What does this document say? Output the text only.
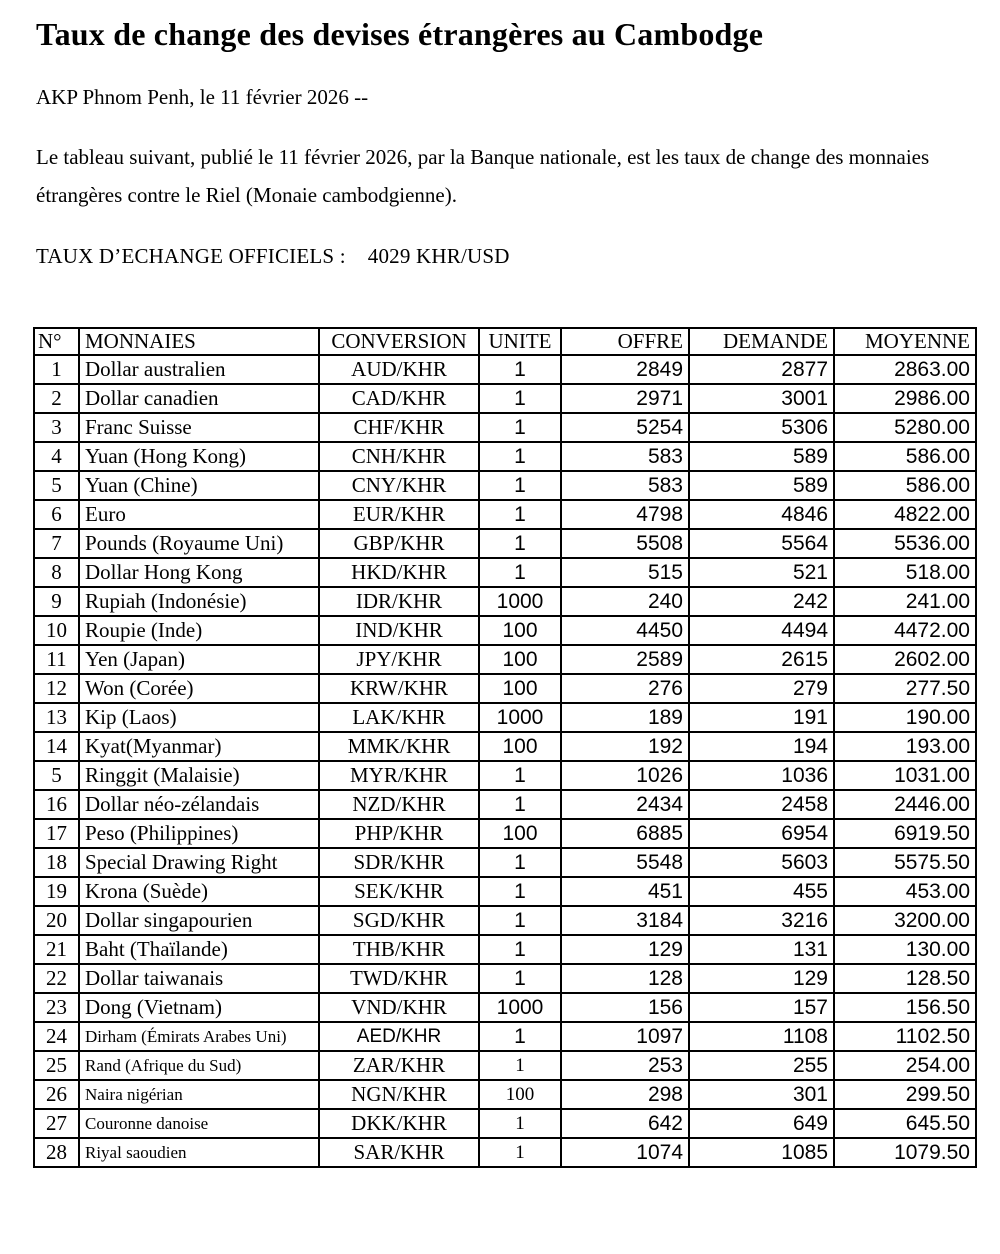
Taux de change des devises étrangères au Cambodge

AKP Phnom Penh, le 11 février 2026 --

Le tableau suivant, publié le 11 février 2026, par la Banque nationale, est les taux de change des monnaies étrangères contre le Riel (Monaie cambodgienne).

TAUX D’ECHANGE OFFICIELS : 4029 KHR/USD

N°	MONNAIES	CONVERSION	UNITE	OFFRE	DEMANDE	MOYENNE
1	Dollar australien	AUD/KHR	1	2849	2877	2863.00
2	Dollar canadien	CAD/KHR	1	2971	3001	2986.00
3	Franc Suisse	CHF/KHR	1	5254	5306	5280.00
4	Yuan (Hong Kong)	CNH/KHR	1	583	589	586.00
5	Yuan (Chine)	CNY/KHR	1	583	589	586.00
6	Euro	EUR/KHR	1	4798	4846	4822.00
7	Pounds (Royaume Uni)	GBP/KHR	1	5508	5564	5536.00
8	Dollar Hong Kong	HKD/KHR	1	515	521	518.00
9	Rupiah (Indonésie)	IDR/KHR	1000	240	242	241.00
10	Roupie (Inde)	IND/KHR	100	4450	4494	4472.00
11	Yen (Japan)	JPY/KHR	100	2589	2615	2602.00
12	Won (Corée)	KRW/KHR	100	276	279	277.50
13	Kip (Laos)	LAK/KHR	1000	189	191	190.00
14	Kyat(Myanmar)	MMK/KHR	100	192	194	193.00
5	Ringgit (Malaisie)	MYR/KHR	1	1026	1036	1031.00
16	Dollar néo-zélandais	NZD/KHR	1	2434	2458	2446.00
17	Peso (Philippines)	PHP/KHR	100	6885	6954	6919.50
18	Special Drawing Right	SDR/KHR	1	5548	5603	5575.50
19	Krona (Suède)	SEK/KHR	1	451	455	453.00
20	Dollar singapourien	SGD/KHR	1	3184	3216	3200.00
21	Baht (Thaïlande)	THB/KHR	1	129	131	130.00
22	Dollar taiwanais	TWD/KHR	1	128	129	128.50
23	Dong (Vietnam)	VND/KHR	1000	156	157	156.50
24	Dirham (Émirats Arabes Uni)	AED/KHR	1	1097	1108	1102.50
25	Rand (Afrique du Sud)	ZAR/KHR	1	253	255	254.00
26	Naira nigérian	NGN/KHR	100	298	301	299.50
27	Couronne danoise	DKK/KHR	1	642	649	645.50
28	Riyal saoudien	SAR/KHR	1	1074	1085	1079.50
